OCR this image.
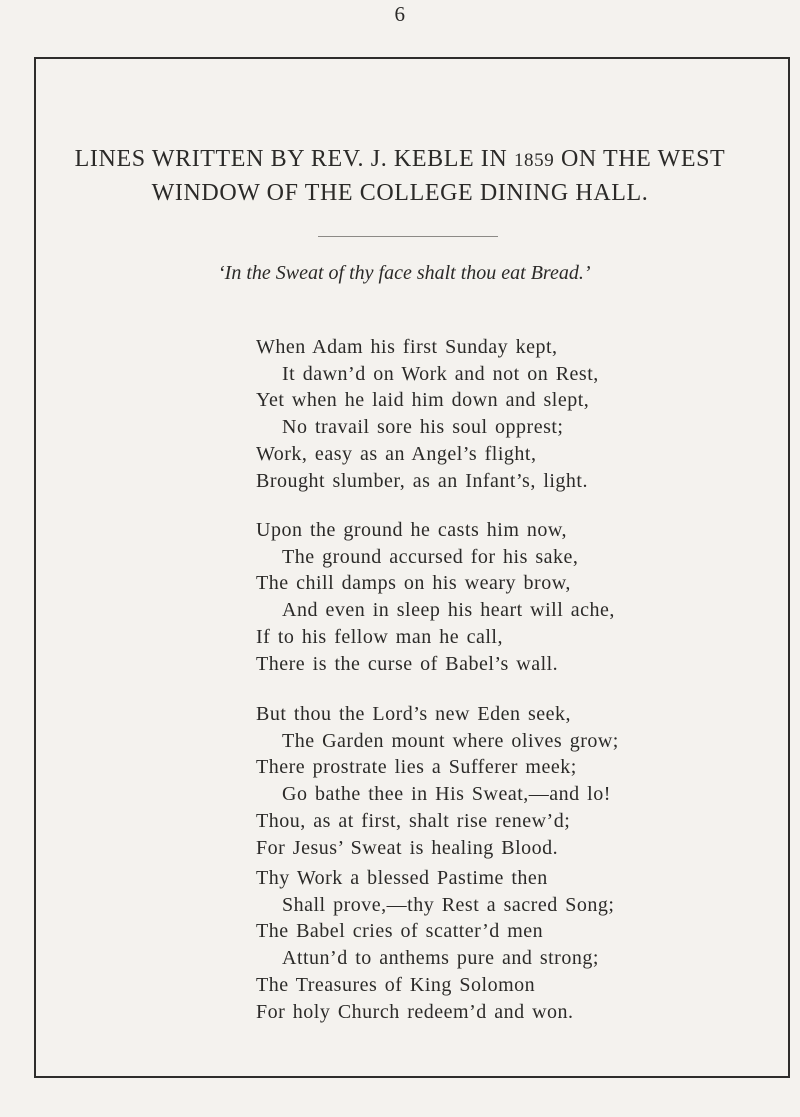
6
LINES WRITTEN BY REV. J. KEBLE IN 1859 ON THE WEST
WINDOW OF THE COLLEGE DINING HALL.
‘In the Sweat of thy face shalt thou eat Bread.’
When Adam his first Sunday kept,
It dawn’d on Work and not on Rest,
Yet when he laid him down and slept,
No travail sore his soul opprest;
Work, easy as an Angel’s flight,
Brought slumber, as an Infant’s, light.
Upon the ground he casts him now,
The ground accursed for his sake,
The chill damps on his weary brow,
And even in sleep his heart will ache,
If to his fellow man he call,
There is the curse of Babel’s wall.
But thou the Lord’s new Eden seek,
The Garden mount where olives grow;
There prostrate lies a Sufferer meek;
Go bathe thee in His Sweat,—and lo!
Thou, as at first, shalt rise renew’d;
For Jesus’ Sweat is healing Blood.
Thy Work a blessed Pastime then
Shall prove,—thy Rest a sacred Song;
The Babel cries of scatter’d men
Attun’d to anthems pure and strong;
The Treasures of King Solomon
For holy Church redeem’d and won.
